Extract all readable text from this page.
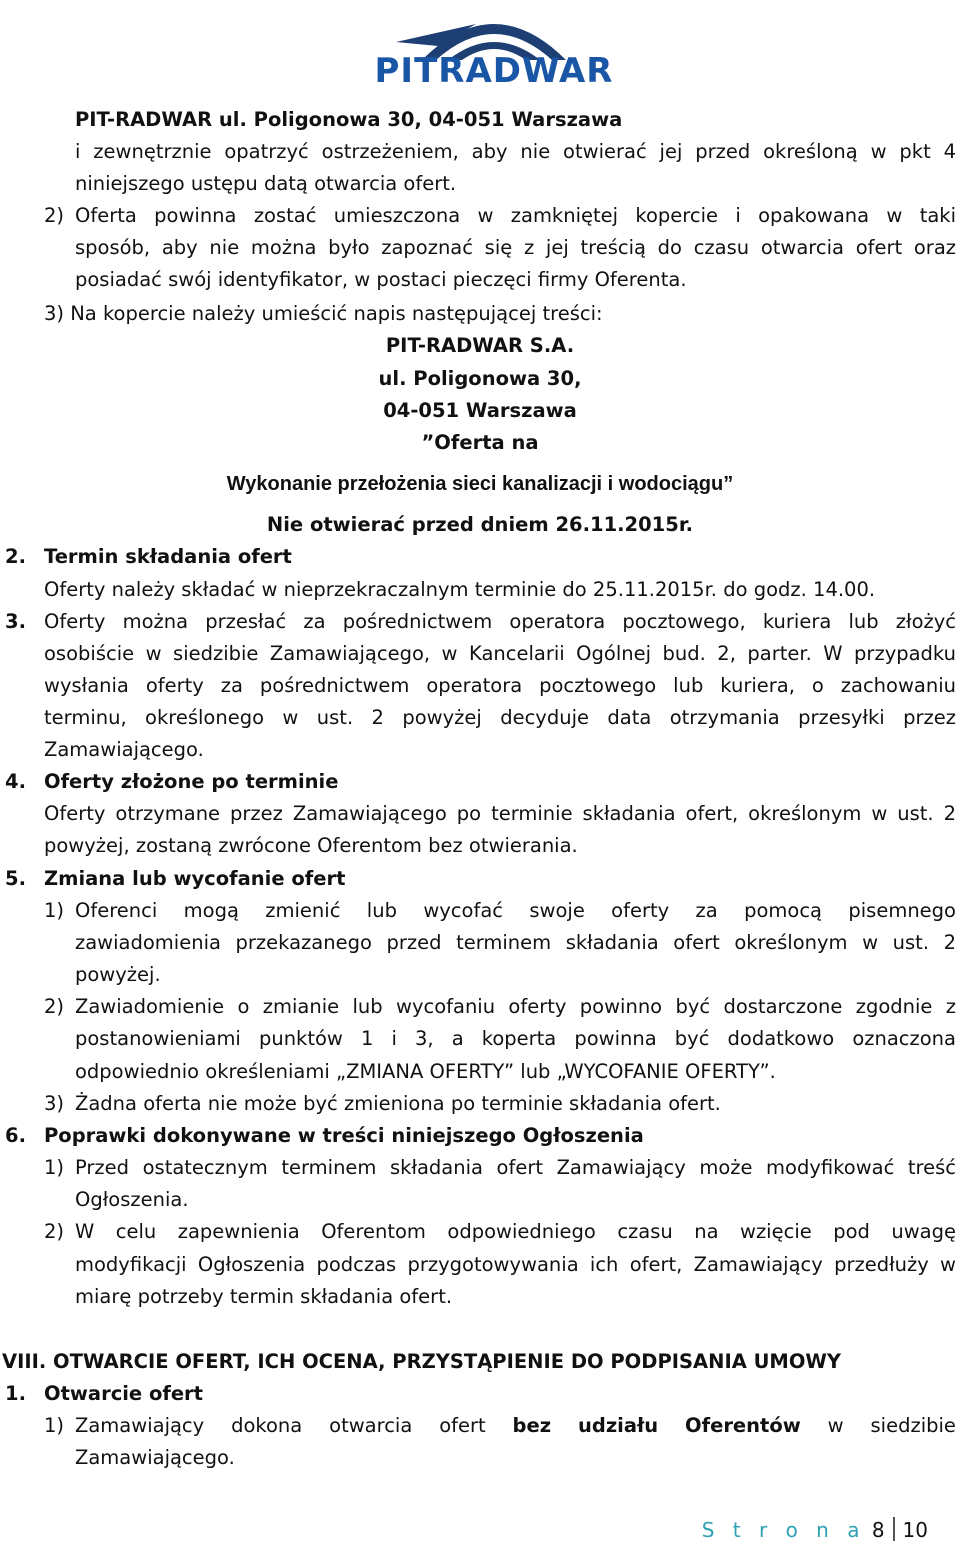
PITRADWAR
PIT-RADWAR ul. Poligonowa 30, 04-051 Warszawa
i zewnętrznie opatrzyć ostrzeżeniem, aby nie otwierać jej przed określoną w pkt 4
niniejszego ustępu datą otwarcia ofert.
2) Oferta powinna zostać umieszczona w zamkniętej kopercie i opakowana w taki
sposób, aby nie można było zapoznać się z jej treścią do czasu otwarcia ofert oraz
posiadać swój identyfikator, w postaci pieczęci firmy Oferenta.
3) Na kopercie należy umieścić napis następującej treści:
PIT-RADWAR S.A.
ul. Poligonowa 30,
04-051 Warszawa
”Oferta na
Wykonanie przełożenia sieci kanalizacji i wodociągu”
Nie otwierać przed dniem 26.11.2015r.
2. Termin składania ofert
Oferty należy składać w nieprzekraczalnym terminie do 25.11.2015r. do godz. 14.00.
3. Oferty można przesłać za pośrednictwem operatora pocztowego, kuriera lub złożyć
osobiście w siedzibie Zamawiającego, w Kancelarii Ogólnej bud. 2, parter. W przypadku
wysłania oferty za pośrednictwem operatora pocztowego lub kuriera, o zachowaniu
terminu, określonego w ust. 2 powyżej decyduje data otrzymania przesyłki przez
Zamawiającego.
4. Oferty złożone po terminie
Oferty otrzymane przez Zamawiającego po terminie składania ofert, określonym w ust. 2
powyżej, zostaną zwrócone Oferentom bez otwierania.
5. Zmiana lub wycofanie ofert
1) Oferenci mogą zmienić lub wycofać swoje oferty za pomocą pisemnego
zawiadomienia przekazanego przed terminem składania ofert określonym w ust. 2
powyżej.
2) Zawiadomienie o zmianie lub wycofaniu oferty powinno być dostarczone zgodnie z
postanowieniami punktów 1 i 3, a koperta powinna być dodatkowo oznaczona
odpowiednio określeniami „ZMIANA OFERTY” lub „WYCOFANIE OFERTY”.
3) Żadna oferta nie może być zmieniona po terminie składania ofert.
6. Poprawki dokonywane w treści niniejszego Ogłoszenia
1) Przed ostatecznym terminem składania ofert Zamawiający może modyfikować treść
Ogłoszenia.
2) W celu zapewnienia Oferentom odpowiedniego czasu na wzięcie pod uwagę
modyfikacji Ogłoszenia podczas przygotowywania ich ofert, Zamawiający przedłuży w
miarę potrzeby termin składania ofert.
VIII. OTWARCIE OFERT, ICH OCENA, PRZYSTĄPIENIE DO PODPISANIA UMOWY
1. Otwarcie ofert
1) Zamawiający dokona otwarcia ofert bez udziału Oferentów w siedzibie
Zamawiającego.
S t r o n a 8 10
